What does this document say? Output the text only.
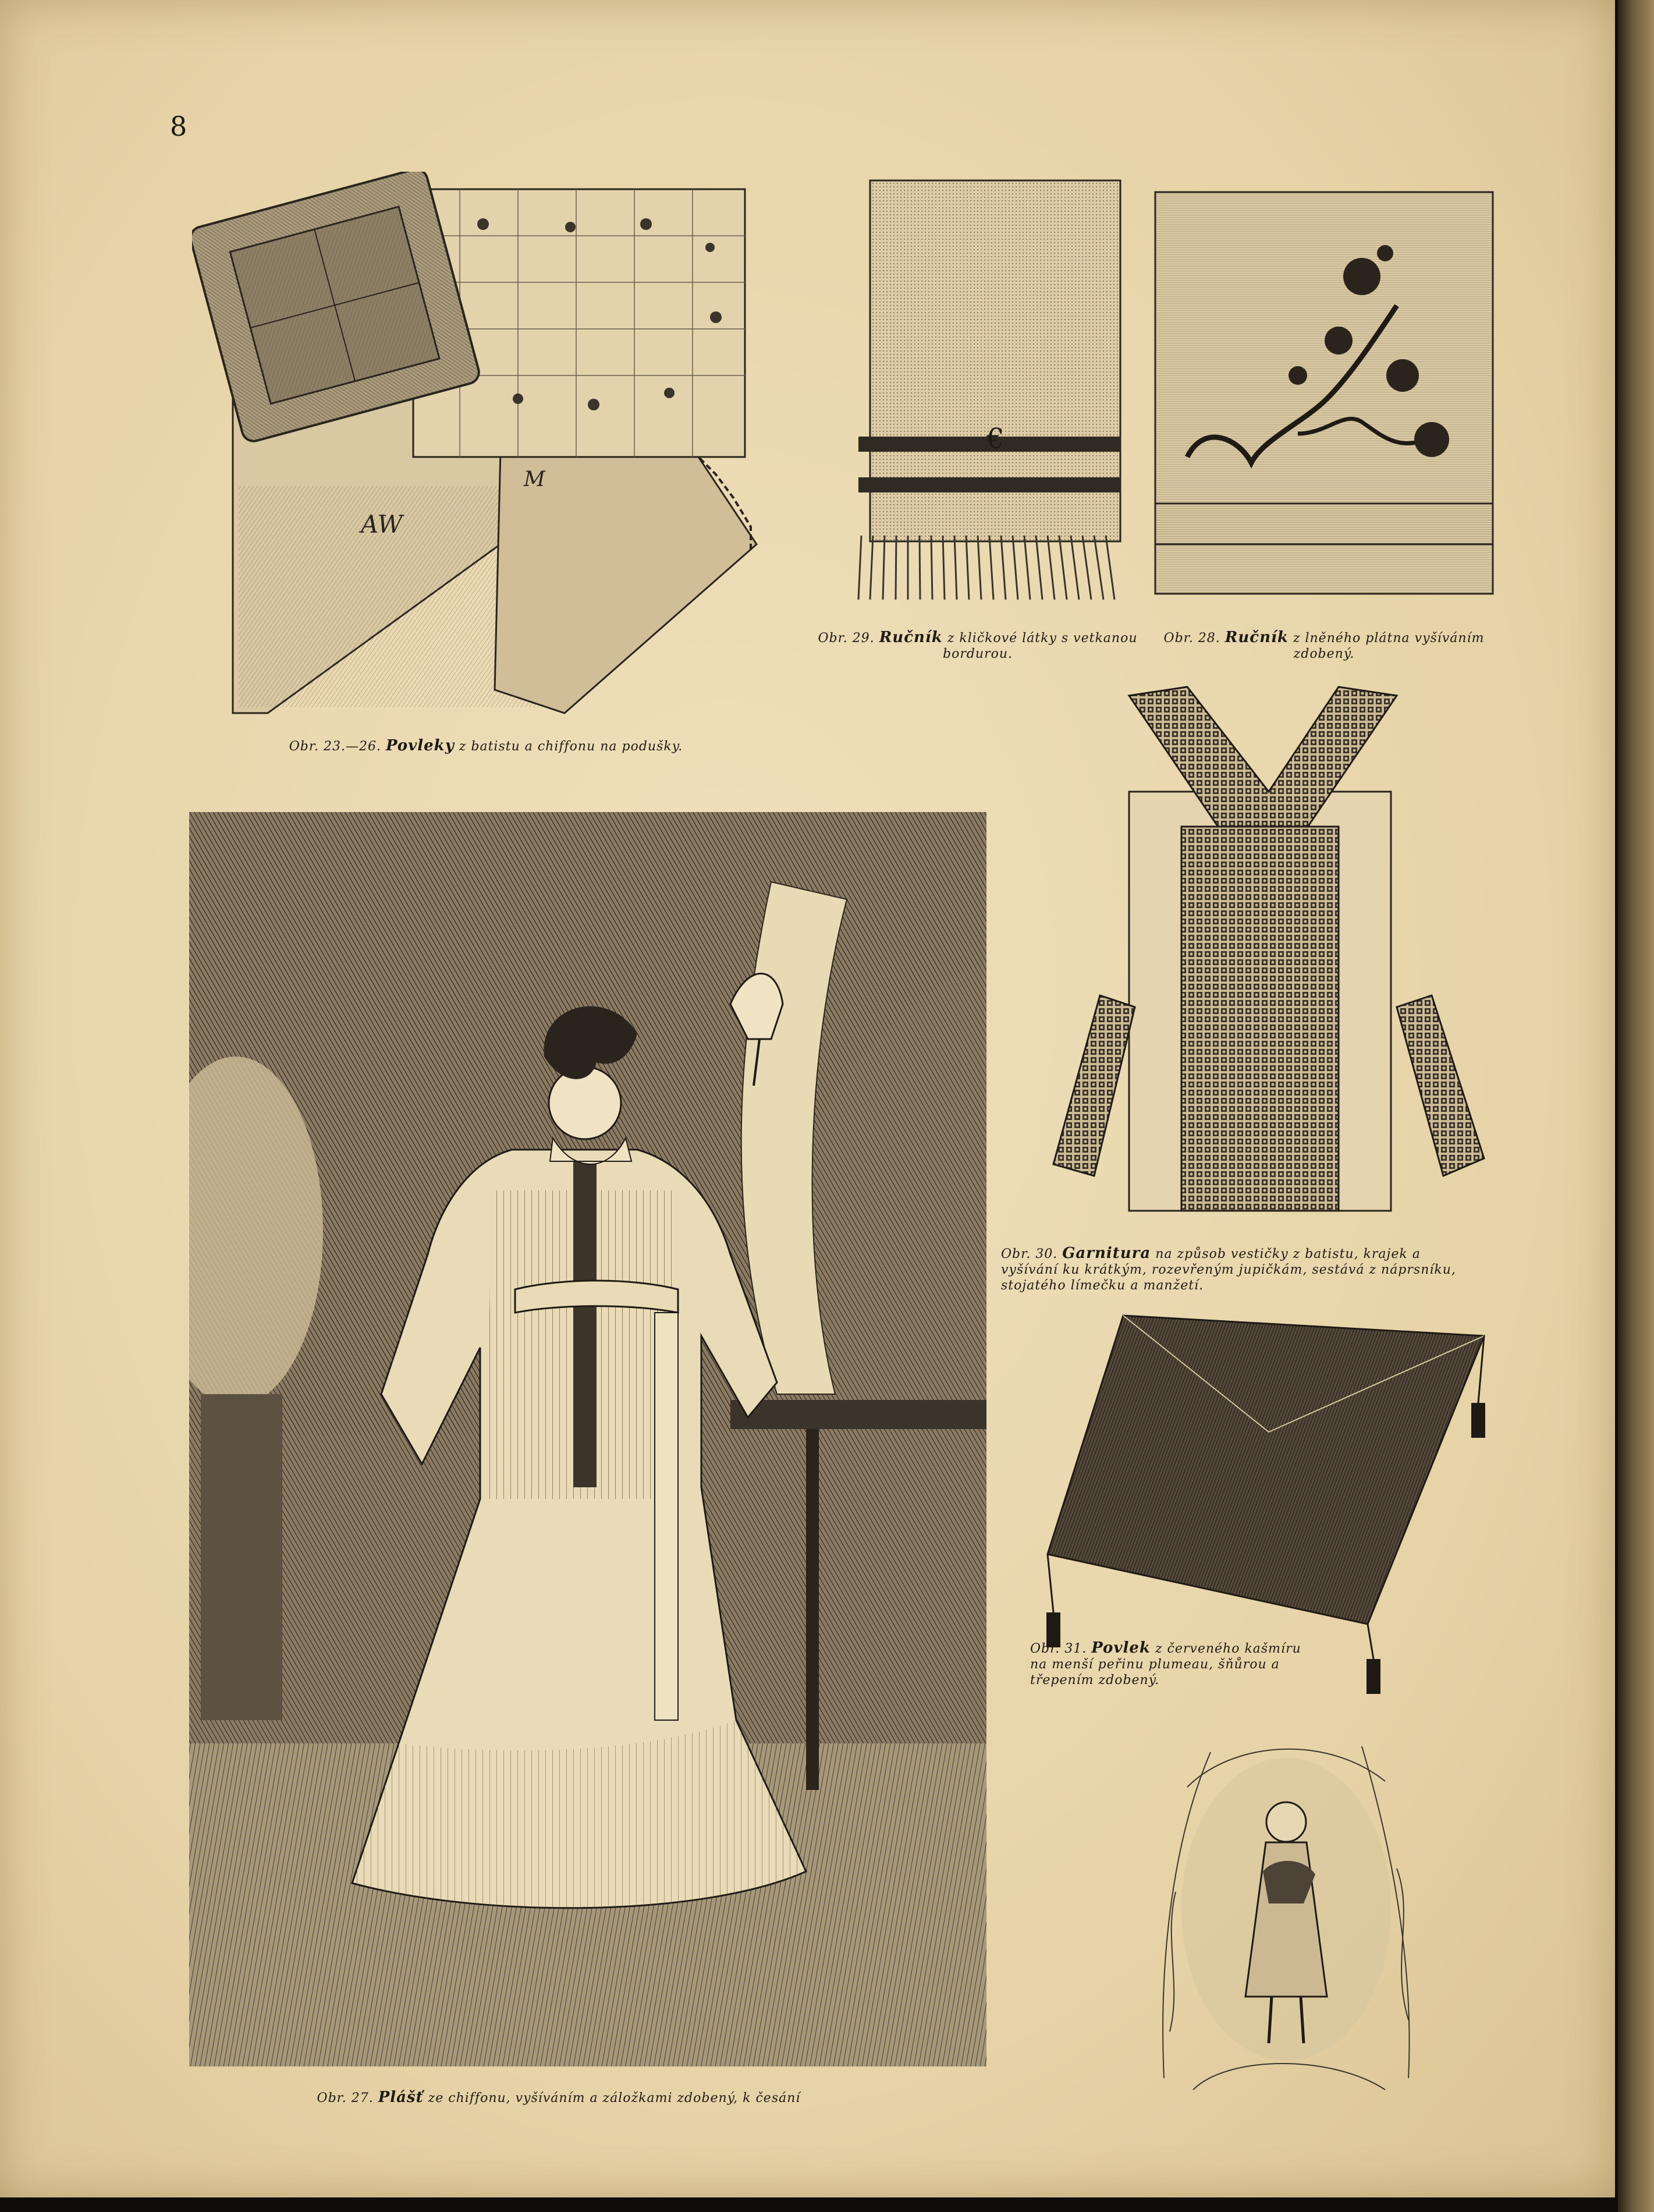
8
AW
M
Obr. 23.—26. Povleky z batistu a chiffonu na podušky.
€
Obr. 29. Ručník z kličkové látky s vetkanou bordurou.
Obr. 28. Ručník z lněného plátna vyšíváním zdobený.
Obr. 30. Garnitura na způsob vestičky z batistu, krajek a vyšívání ku krátkým, rozevřeným jupičkám, sestává z náprsníku, stojatého límečku a manžetí.
Obr. 31. Povlek z červeného kašmíru na menší peřinu plumeau, šňůrou a třepením zdobený.
Obr. 27. Plášť ze chiffonu, vyšíváním a záložkami zdobený, k česání
